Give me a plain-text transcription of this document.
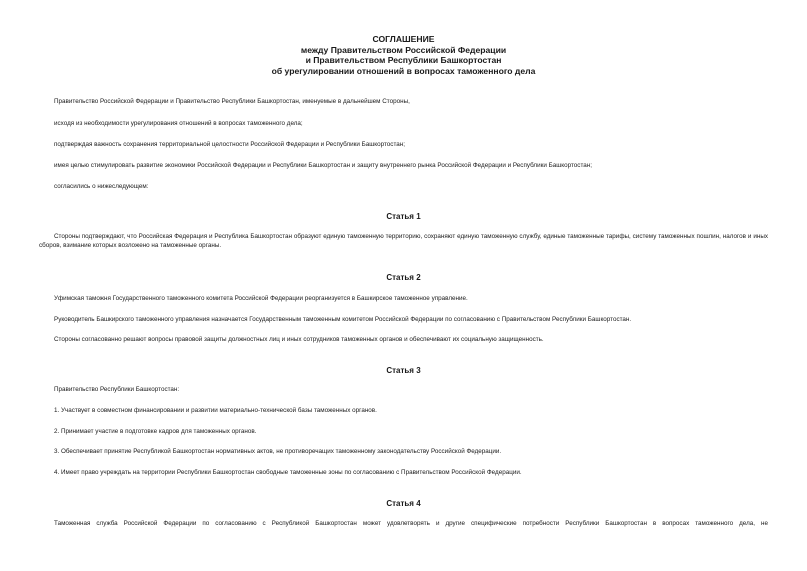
СОГЛАШЕНИЕ
между Правительством Российской Федерации
и Правительством Республики Башкортостан
об урегулировании отношений в вопросах таможенного дела
Правительство Российской Федерации и Правительство Республики Башкортостан, именуемые в дальнейшем Стороны,
исходя из необходимости урегулирования отношений в вопросах таможенного дела;
подтверждая важность сохранения территориальной целостности Российской Федерации и Республики Башкортостан;
имея целью стимулировать развитие экономики Российской Федерации и Республики Башкортостан и защиту внутреннего рынка Российской Федерации и Республики Башкортостан;
согласились о нижеследующем:
Статья 1
Стороны подтверждают, что Российская Федерация и Республика Башкортостан образуют единую таможенную территорию, сохраняют единую таможенную службу, единые таможенные тарифы, систему таможенных пошлин, налогов и иных сборов, взимание которых возложено на таможенные органы.
Статья 2
Уфимская таможня Государственного таможенного комитета Российской Федерации реорганизуется в Башкирское таможенное управление.
Руководитель Башкирского таможенного управления назначается Государственным таможенным комитетом Российской Федерации по согласованию с Правительством Республики Башкортостан.
Стороны согласованно решают вопросы правовой защиты должностных лиц и иных сотрудников таможенных органов и обеспечивают их социальную защищенность.
Статья 3
Правительство Республики Башкортостан:
1. Участвует в совместном финансировании и развитии материально-технической базы таможенных органов.
2. Принимает участие в подготовке кадров для таможенных органов.
3. Обеспечивает принятие Республикой Башкортостан нормативных актов, не противоречащих таможенному законодательству Российской Федерации.
4. Имеет право учреждать на территории Республики Башкортостан свободные таможенные зоны по согласованию с Правительством Российской Федерации.
Статья 4
Таможенная служба Российской Федерации по согласованию с Республикой Башкортостан может удовлетворять и другие специфические потребности Республики Башкортостан в вопросах таможенного дела, не
